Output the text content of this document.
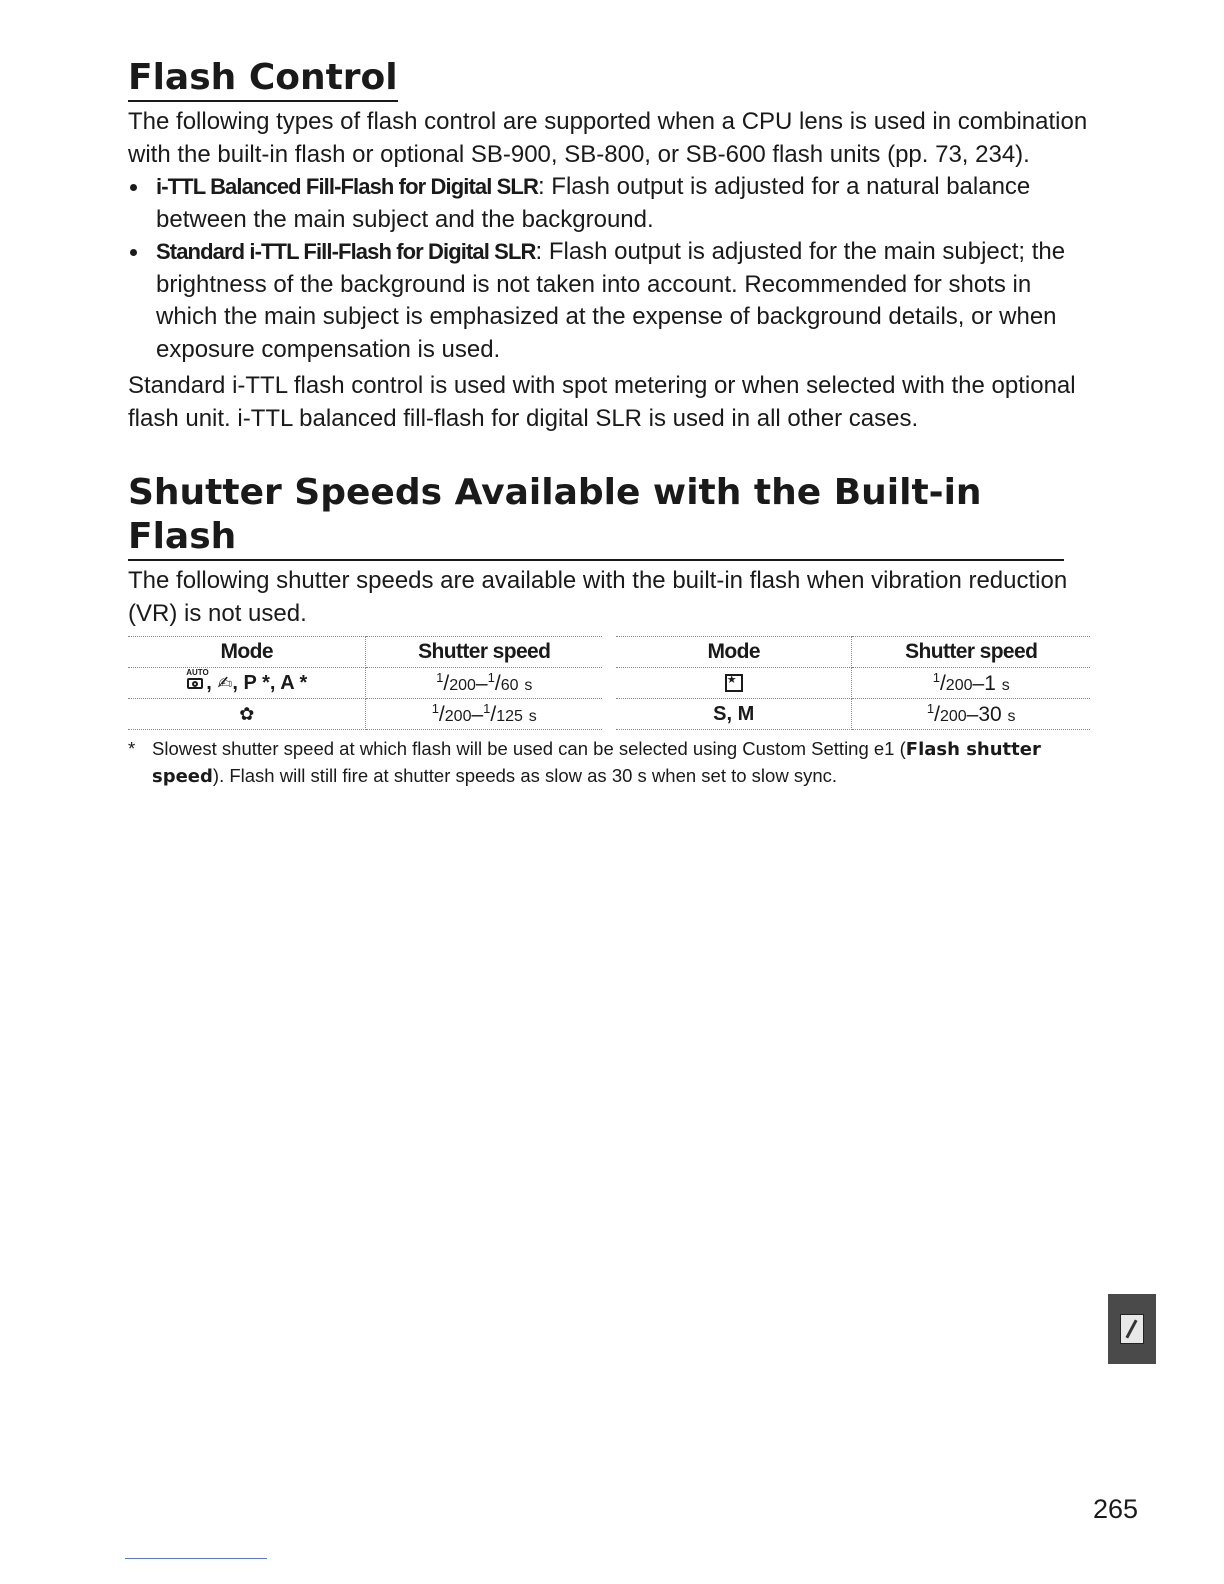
Flash Control

The following types of flash control are supported when a CPU lens is used in combination with the built-in flash or optional SB-900, SB-800, or SB-600 flash units (pp. 73, 234).

i-TTL Balanced Fill-Flash for Digital SLR: Flash output is adjusted for a natural balance between the main subject and the background.
Standard i-TTL Fill-Flash for Digital SLR: Flash output is adjusted for the main subject; the brightness of the background is not taken into account. Recommended for shots in which the main subject is emphasized at the expense of background details, or when exposure compensation is used.

Standard i-TTL flash control is used with spot metering or when selected with the optional flash unit. i-TTL balanced fill-flash for digital SLR is used in all other cases.

Shutter Speeds Available with the Built-in Flash

The following shutter speeds are available with the built-in flash when vibration reduction (VR) is not used.

Mode	Shutter speed		Mode	Shutter speed

AUTO
, ✍, P *, A *	$^1$/200–$^1$/60 s		★	$^1$/200–1 s
✿	$^1$/200–$^1$/125 s		S, M	$^1$/200–30 s
* Slowest shutter speed at which flash will be used can be selected using Custom Setting e1 (Flash shutter speed). Flash will still fire at shutter speeds as slow as 30 s when set to slow sync.
265
